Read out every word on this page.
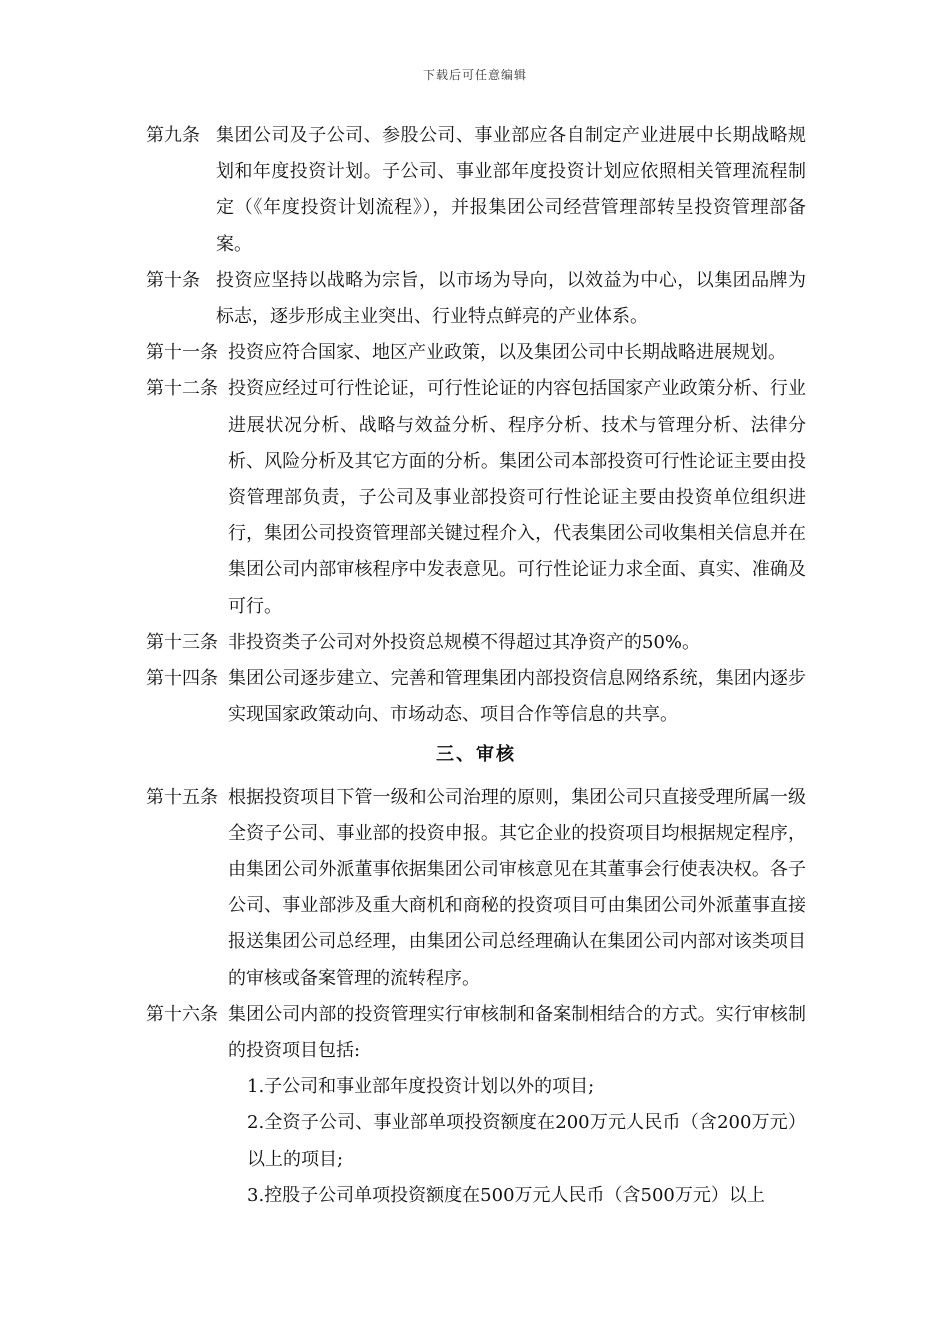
下载后可任意编辑
第九条 集团公司及子公司、参股公司、事业部应各自制定产业进展中长期战略规划和年度投资计划。子公司、事业部年度投资计划应依照相关管理流程制定（《年度投资计划流程》），并报集团公司经营管理部转呈投资管理部备案。
第十条 投资应坚持以战略为宗旨，以市场为导向，以效益为中心，以集团品牌为标志，逐步形成主业突出、行业特点鲜亮的产业体系。
第十一条 投资应符合国家、地区产业政策，以及集团公司中长期战略进展规划。
第十二条 投资应经过可行性论证，可行性论证的内容包括国家产业政策分析、行业进展状况分析、战略与效益分析、程序分析、技术与管理分析、法律分析、风险分析及其它方面的分析。集团公司本部投资可行性论证主要由投资管理部负责，子公司及事业部投资可行性论证主要由投资单位组织进行，集团公司投资管理部关键过程介入，代表集团公司收集相关信息并在集团公司内部审核程序中发表意见。可行性论证力求全面、真实、准确及可行。
第十三条 非投资类子公司对外投资总规模不得超过其净资产的50%。
第十四条 集团公司逐步建立、完善和管理集团内部投资信息网络系统，集团内逐步实现国家政策动向、市场动态、项目合作等信息的共享。
三、审核
第十五条 根据投资项目下管一级和公司治理的原则，集团公司只直接受理所属一级全资子公司、事业部的投资申报。其它企业的投资项目均根据规定程序，由集团公司外派董事依据集团公司审核意见在其董事会行使表决权。各子公司、事业部涉及重大商机和商秘的投资项目可由集团公司外派董事直接报送集团公司总经理，由集团公司总经理确认在集团公司内部对该类项目的审核或备案管理的流转程序。
第十六条 集团公司内部的投资管理实行审核制和备案制相结合的方式。实行审核制的投资项目包括:
1.子公司和事业部年度投资计划以外的项目;
2.全资子公司、事业部单项投资额度在200万元人民币（含200万元）以上的项目;
3.控股子公司单项投资额度在500万元人民币（含500万元）以上
